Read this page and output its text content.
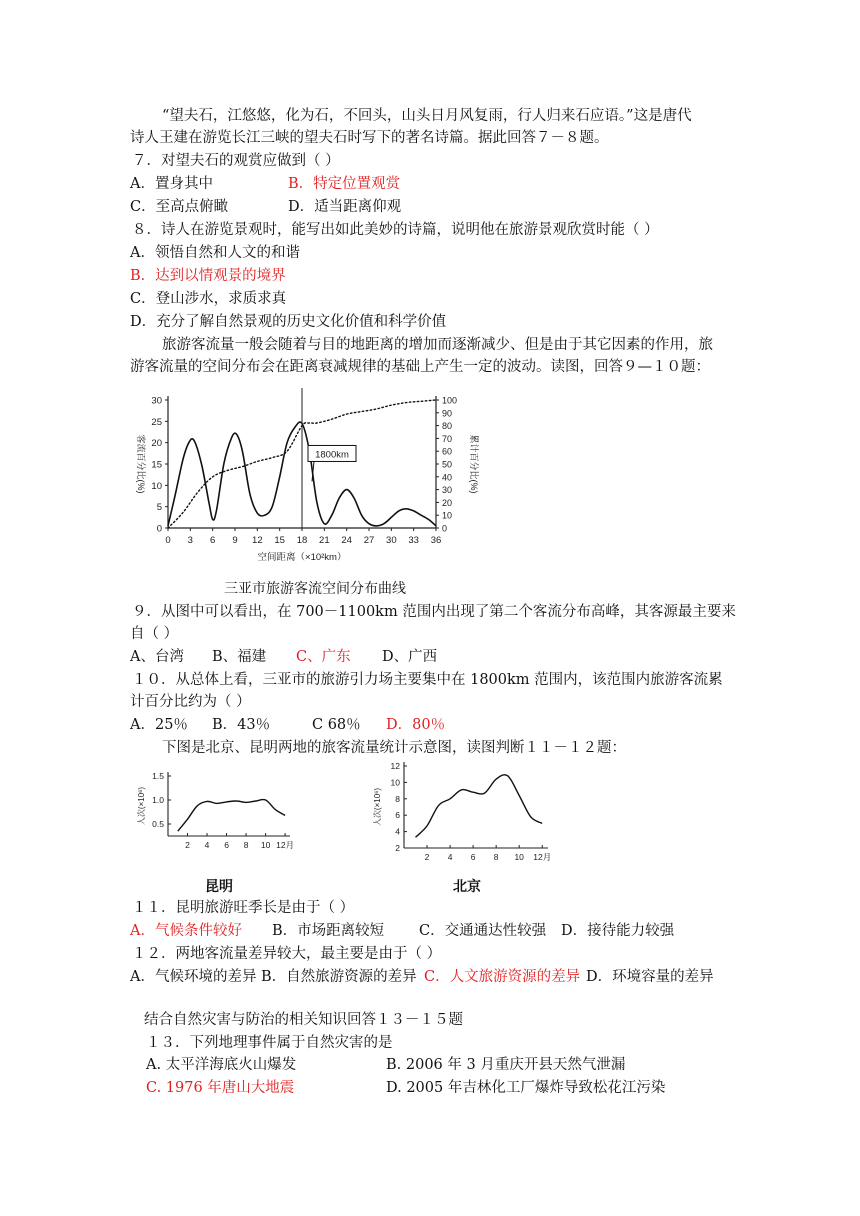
“望夫石，江悠悠，化为石，不回头，山头日月风复雨，行人归来石应语。”这是唐代
诗人王建在游览长江三峡的望夫石时写下的著名诗篇。据此回答７－８题。
７．对望夫石的观赏应做到（ ）
A．置身其中	B．特定位置观赏
C．至高点俯瞰	D．适当距离仰观
８．诗人在游览景观时，能写出如此美妙的诗篇，说明他在旅游景观欣赏时能（ ）
A．领悟自然和人文的和谐
B．达到以情观景的境界
C．登山涉水，求质求真
D．充分了解自然景观的历史文化价值和科学价值
旅游客流量一般会随着与目的地距离的增加而逐渐减少、但是由于其它因素的作用，旅
游客流量的空间分布会在距离衰减规律的基础上产生一定的波动。读图，回答９—１０题：
0 3 6 9 12 15 18 21 24 27 30 33 36
0
5
10
15
20
25
30
0
10
20
30
40
50
60
70
80
90
100
空间距离（×10²km）
客流百分比(%)	累计百分比(%)
1800km
三亚市旅游客流空间分布曲线
９．从图中可以看出，在 700－1100km 范围内出现了第二个客流分布高峰，其客源最主要来
自（ ）
A、台湾 B、福建 C、广东 D、广西
１０．从总体上看，三亚市的旅游引力场主要集中在 1800km 范围内，该范围内旅游客流累
计百分比约为（ ）
A．25％ B．43％	C 68％ D．80％
下图是北京、昆明两地的旅客流量统计示意图，读图判断１１－１２题：
2 4 6 8 10 12月
0.5
1.0
1.5
人次(×10⁶)
昆明
2 4 6 8 10 12月
2
4
6
8
10
12
人次(×10⁶)
北京
１１．昆明旅游旺季长是由于（ ）
A．气候条件较好 B．市场距离较短 C．交通通达性较强 D．接待能力较强
１２．两地客流量差异较大，最主要是由于（ ）
A．气候环境的差异 B．自然旅游资源的差异 C．人文旅游资源的差异 D．环境容量的差异
结合自然灾害与防治的相关知识回答１３－１５题
１３．下列地理事件属于自然灾害的是
A. 太平洋海底火山爆发	B. 2006 年 3 月重庆开县天然气泄漏
C. 1976 年唐山大地震	D. 2005 年吉林化工厂爆炸导致松花江污染
